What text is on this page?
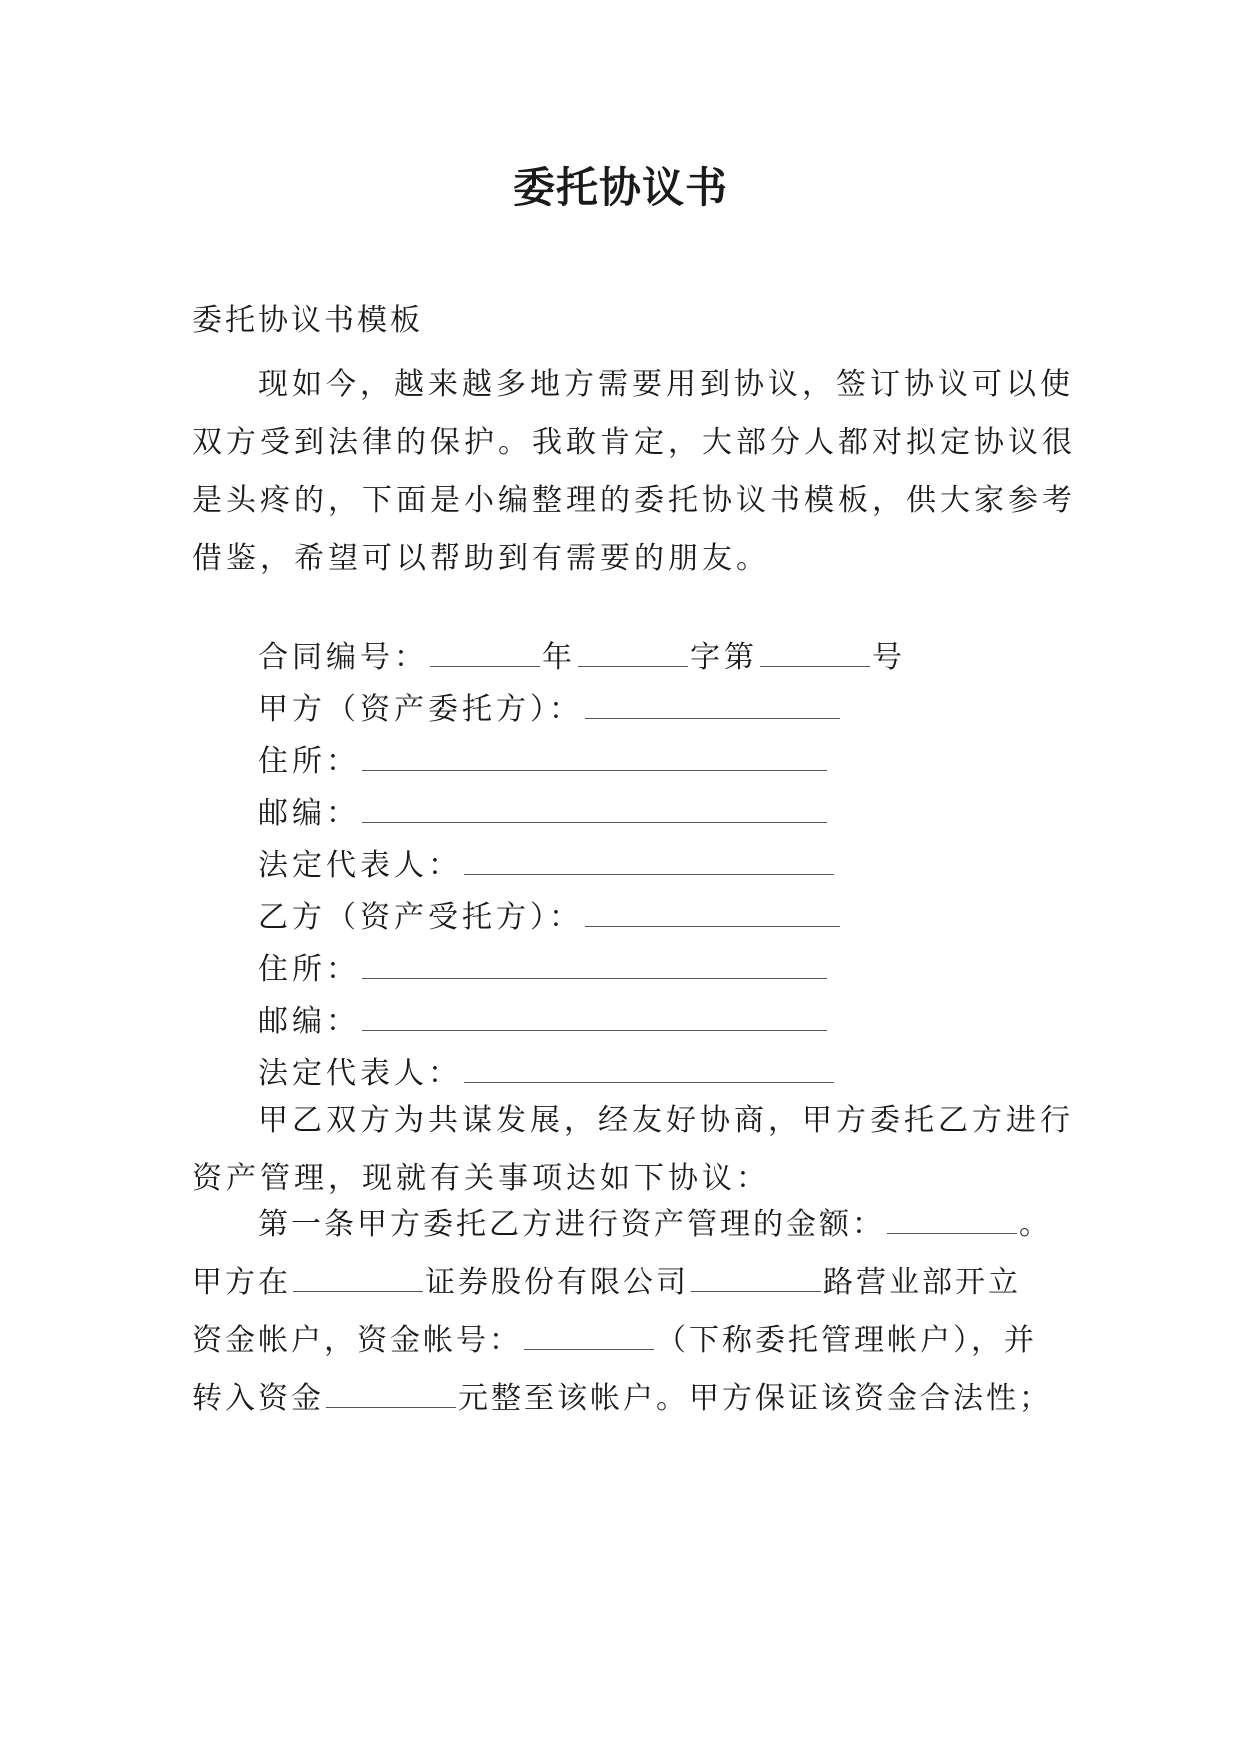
委托协议书
委托协议书模板
现如今，越来越多地方需要用到协议，签订协议可以使
双方受到法律的保护。我敢肯定，大部分人都对拟定协议很
是头疼的，下面是小编整理的委托协议书模板，供大家参考
借鉴，希望可以帮助到有需要的朋友。
合同编号：	年	字第	号
甲方（资产委托方）：
住所：
邮编：
法定代表人：
乙方（资产受托方）：
住所：
邮编：
法定代表人：
甲乙双方为共谋发展，经友好协商，甲方委托乙方进行
资产管理，现就有关事项达如下协议：
第一条甲方委托乙方进行资产管理的金额：	。
甲方在	证券股份有限公司	路营业部开立
资金帐户，资金帐号：	（下称委托管理帐户），并
转入资金	元整至该帐户。甲方保证该资金合法性；
